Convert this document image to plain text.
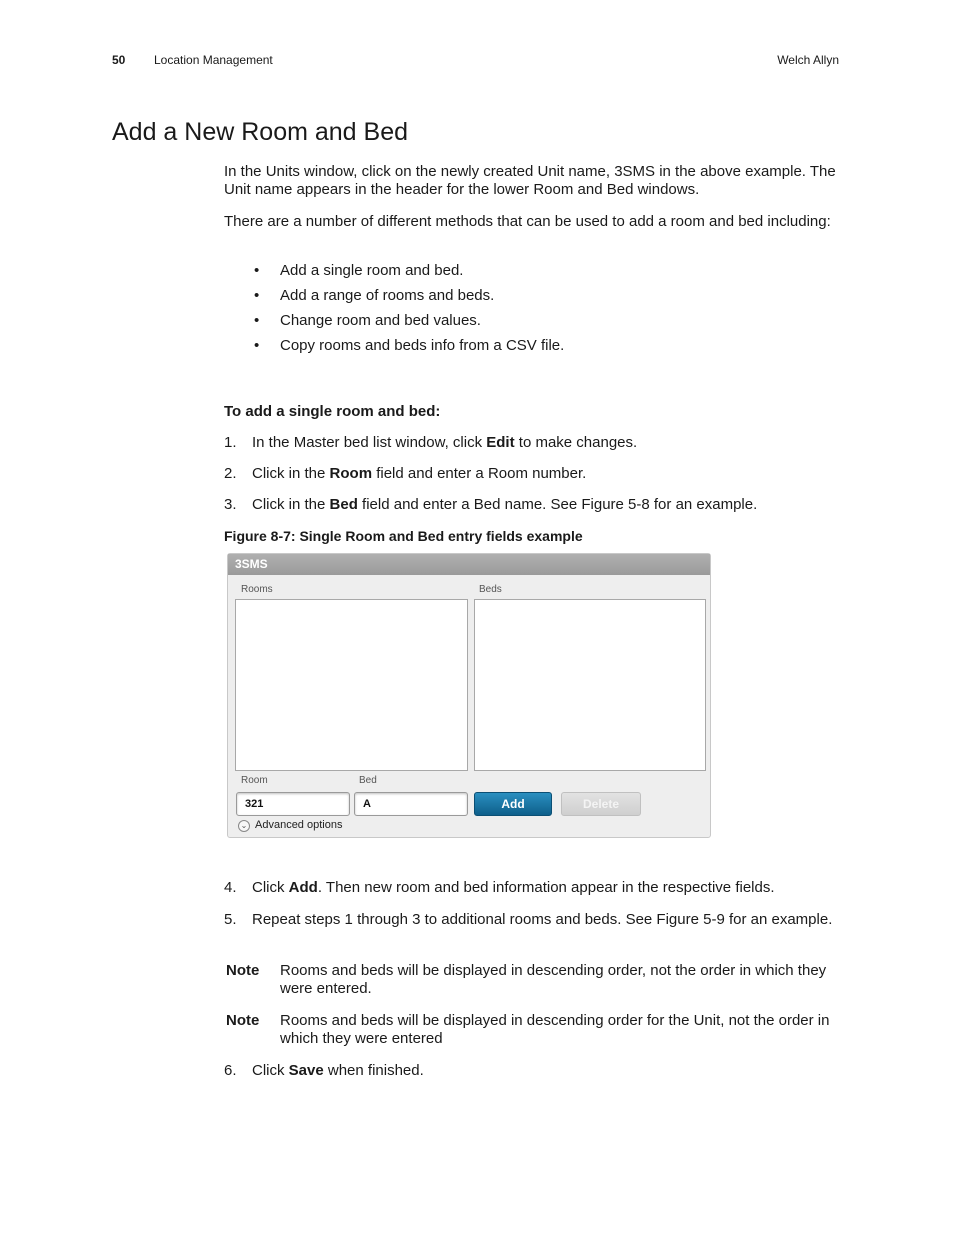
50 Location Management	Welch Allyn
Add a New Room and Bed
In the Units window, click on the newly created Unit name, 3SMS in the above example. The Unit name appears in the header for the lower Room and Bed windows.
There are a number of different methods that can be used to add a room and bed including:
• Add a single room and bed.
• Add a range of rooms and beds.
• Change room and bed values.
• Copy rooms and beds info from a CSV file.
To add a single room and bed:
1. In the Master bed list window, click Edit to make changes.
2. Click in the Room field and enter a Room number.
3. Click in the Bed field and enter a Bed name. See Figure 5-8 for an example.
Figure 8-7: Single Room and Bed entry fields example
3SMS
Rooms	Beds
Room	Bed
321	A	Add	Delete
⌄ Advanced options
4. Click Add. Then new room and bed information appear in the respective fields.
5. Repeat steps 1 through 3 to additional rooms and beds. See Figure 5-9 for an example.
Note Rooms and beds will be displayed in descending order, not the order in which they were entered.
Note Rooms and beds will be displayed in descending order for the Unit, not the order in which they were entered
6. Click Save when finished.
